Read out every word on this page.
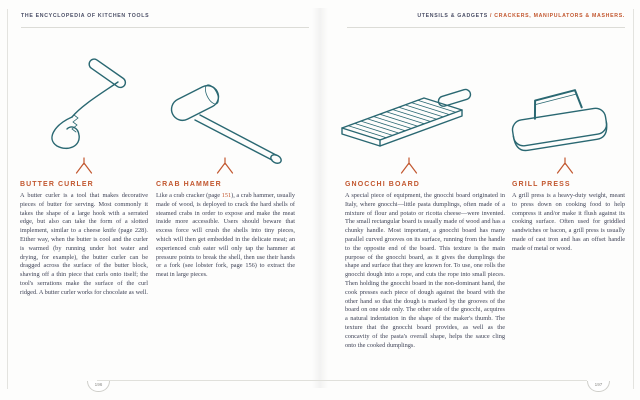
THE ENCYCLOPEDIA OF KITCHEN TOOLS	UTENSILS & GADGETS / CRACKERS, MANIPULATORS & MASHERS.
BUTTER CURLER

A butter curler is a tool that makes decorative pieces of butter for serving. Most commonly it takes the shape of a large hook with a serrated edge, but also can take the form of a slotted implement, similar to a cheese knife (page 228). Either way, when the butter is cool and the curler is warmed (by running under hot water and drying, for example), the butter curler can be dragged across the surface of the butter block, shaving off a thin piece that curls onto itself; the tool's serrations make the surface of the curl ridged. A butter curler works for chocolate as well.

CRAB HAMMER

Like a crab cracker (page 151), a crab hammer, usually made of wood, is deployed to crack the hard shells of steamed crabs in order to expose and make the meat inside more accessible. Users should beware that excess force will crush the shells into tiny pieces, which will then get embedded in the delicate meat; an experienced crab eater will only tap the hammer at pressure points to break the shell, then use their hands or a fork (see lobster fork, page 156) to extract the meat in large pieces.

GNOCCHI BOARD

A special piece of equipment, the gnocchi board originated in Italy, where gnocchi—little pasta dumplings, often made of a mixture of flour and potato or ricotta cheese—were invented. The small rectangular board is usually made of wood and has a chunky handle. Most important, a gnocchi board has many parallel curved grooves on its surface, running from the handle to the opposite end of the board. This texture is the main purpose of the gnocchi board, as it gives the dumplings the shape and surface that they are known for. To use, one rolls the gnocchi dough into a rope, and cuts the rope into small pieces. Then holding the gnocchi board in the non-dominant hand, the cook presses each piece of dough against the board with the other hand so that the dough is marked by the grooves of the board on one side only. The other side of the gnocchi, acquires a natural indentation in the shape of the maker's thumb. The texture that the gnocchi board provides, as well as the concavity of the pasta's overall shape, helps the sauce cling onto the cooked dumplings.

GRILL PRESS

A grill press is a heavy-duty weight, meant to press down on cooking food to help compress it and/or make it flush against its cooking surface. Often used for griddled sandwiches or bacon, a grill press is usually made of cast iron and has an offset handle made of metal or wood.

196	197
